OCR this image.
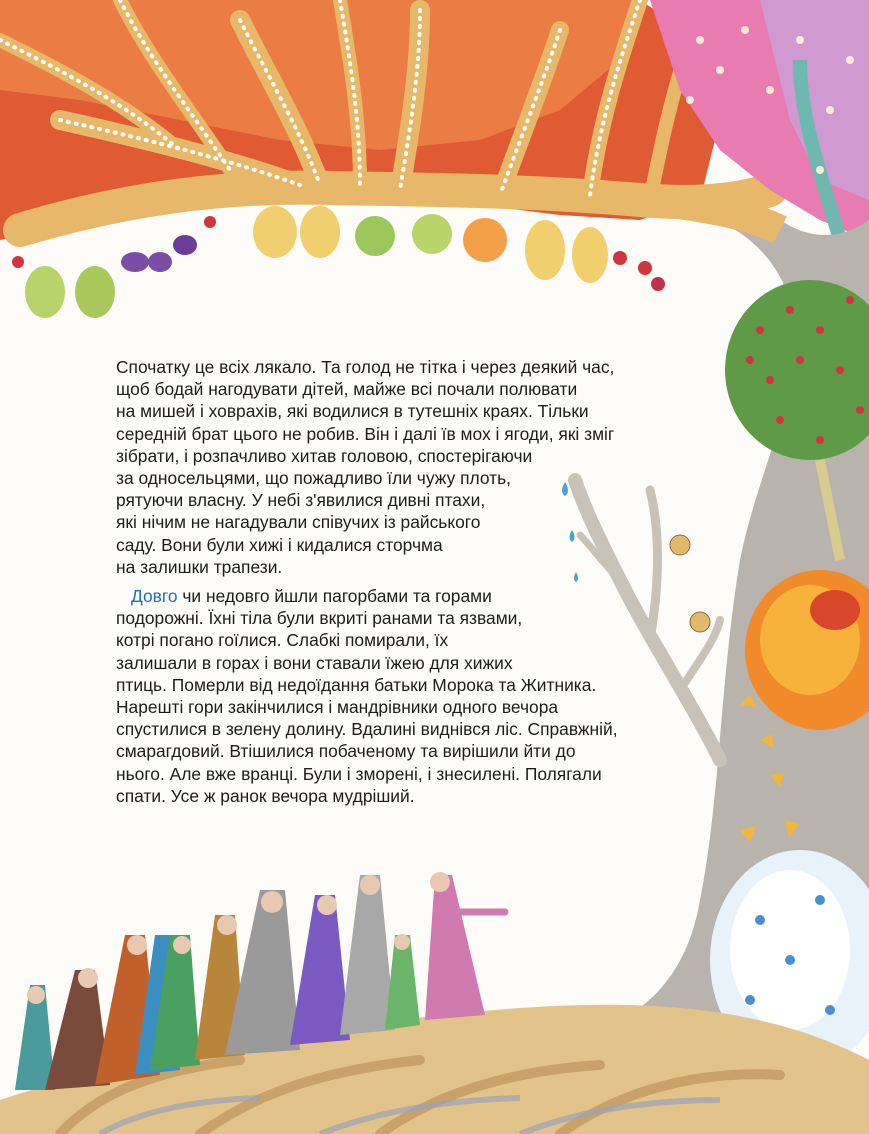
Спочатку це всіх лякало. Та голод не тітка і через деякий час,
щоб бодай нагодувати дітей, майже всі почали полювати
на мишей і ховрахів, які водилися в тутешніх краях. Тільки
середній брат цього не робив. Він і далі їв мох і ягоди, які зміг
зібрати, і розпачливо хитав головою, спостерігаючи
за односельцями, що пожадливо їли чужу плоть,
рятуючи власну. У небі з'явилися дивні птахи,
які нічим не нагадували співучих із райського
саду. Вони були хижі і кидалися сторчма
на залишки трапези.
Довго чи недовго йшли пагорбами та горами
подорожні. Їхні тіла були вкриті ранами та язвами,
котрі погано гоїлися. Слабкі помирали, їх
залишали в горах і вони ставали їжею для хижих
птиць. Померли від недоїдання батьки Морока та Житника.
Нарешті гори закінчилися і мандрівники одного вечора
спустилися в зелену долину. Вдалині виднівся ліс. Справжній,
смарагдовий. Втішилися побаченому та вирішили йти до
нього. Але вже вранці. Були і зморені, і знесилені. Полягали
спати. Усе ж ранок вечора мудріший.
